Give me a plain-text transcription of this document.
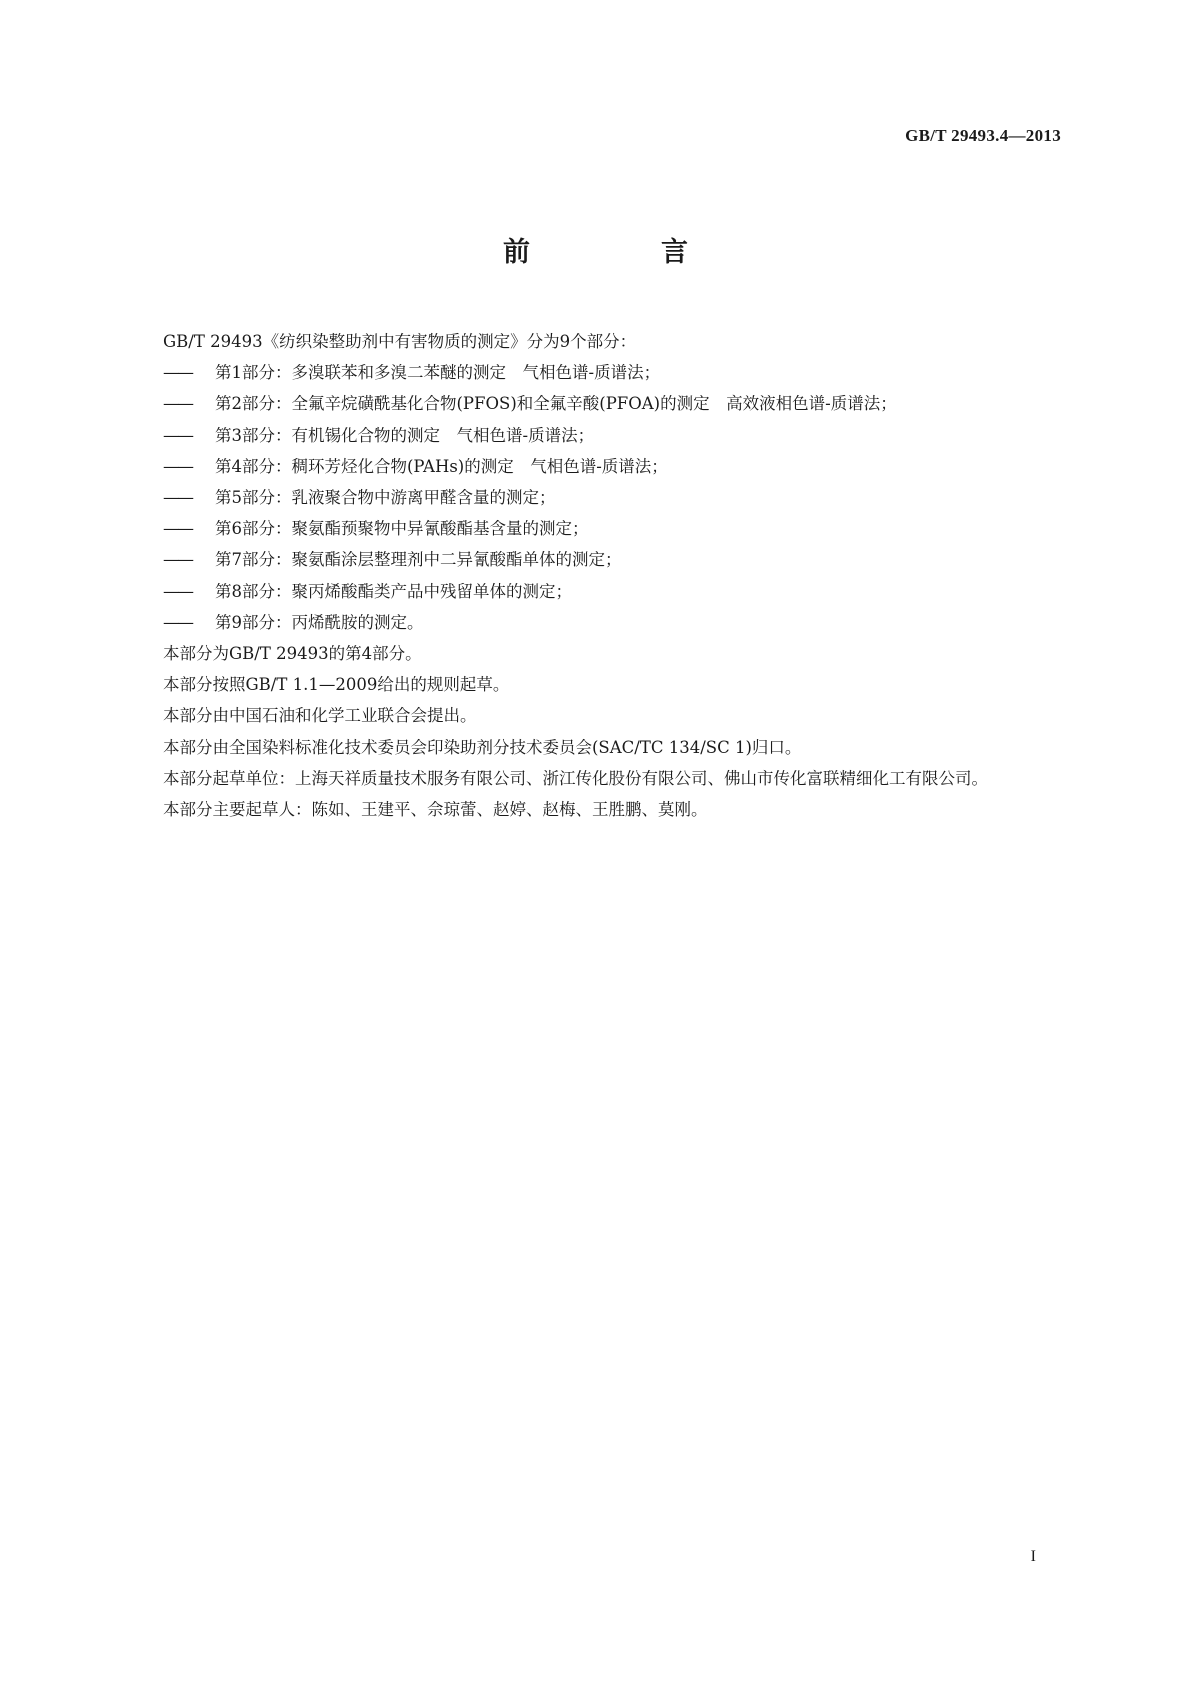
GB/T 29493.4—2013
前　言

GB/T 29493《纺织染整助剂中有害物质的测定》分为9个部分：

——	第1部分：多溴联苯和多溴二苯醚的测定　气相色谱-质谱法；

——	第2部分：全氟辛烷磺酰基化合物(PFOS)和全氟辛酸(PFOA)的测定　高效液相色谱-质谱法；

——	第3部分：有机锡化合物的测定　气相色谱-质谱法；

——	第4部分：稠环芳烃化合物(PAHs)的测定　气相色谱-质谱法；

——	第5部分：乳液聚合物中游离甲醛含量的测定；

——	第6部分：聚氨酯预聚物中异氰酸酯基含量的测定；

——	第7部分：聚氨酯涂层整理剂中二异氰酸酯单体的测定；

——	第8部分：聚丙烯酸酯类产品中残留单体的测定；

——	第9部分：丙烯酰胺的测定。

本部分为GB/T 29493的第4部分。

本部分按照GB/T 1.1—2009给出的规则起草。

本部分由中国石油和化学工业联合会提出。

本部分由全国染料标准化技术委员会印染助剂分技术委员会(SAC/TC 134/SC 1)归口。

本部分起草单位：上海天祥质量技术服务有限公司、浙江传化股份有限公司、佛山市传化富联精细化工有限公司。

本部分主要起草人：陈如、王建平、佘琼蕾、赵婷、赵梅、王胜鹏、莫刚。

I
